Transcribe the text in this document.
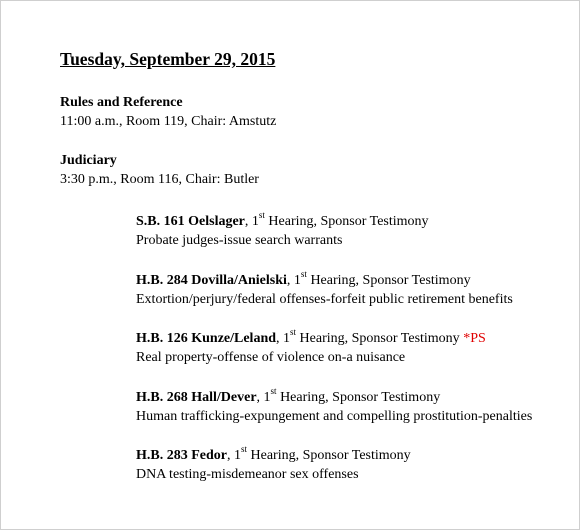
Tuesday, September 29, 2015
Rules and Reference
11:00 a.m., Room 119, Chair: Amstutz
Judiciary
3:30 p.m., Room 116, Chair: Butler
S.B. 161 Oelslager, 1st Hearing, Sponsor Testimony
Probate judges-issue search warrants
H.B. 284 Dovilla/Anielski, 1st Hearing, Sponsor Testimony
Extortion/perjury/federal offenses-forfeit public retirement benefits
H.B. 126 Kunze/Leland, 1st Hearing, Sponsor Testimony *PS
Real property-offense of violence on-a nuisance
H.B. 268 Hall/Dever, 1st Hearing, Sponsor Testimony
Human trafficking-expungement and compelling prostitution-penalties
H.B. 283 Fedor, 1st Hearing, Sponsor Testimony
DNA testing-misdemeanor sex offenses
